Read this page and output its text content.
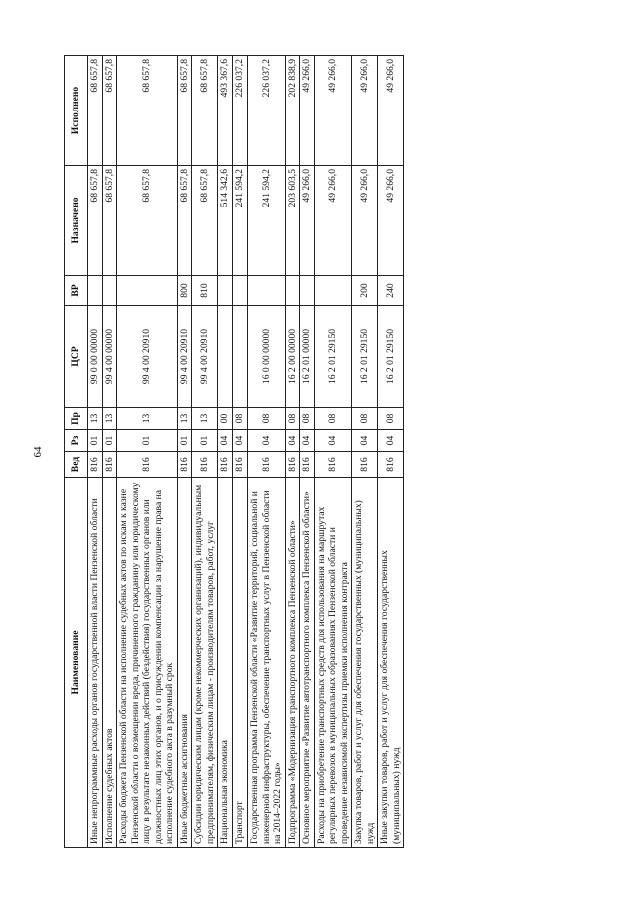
64
Наименование	Вед	Рз	Пр	ЦСР	ВР	Назначено	Исполнено
Иные непрограммные расходы органов государственной власти Пензенской области	816	01	13	99 0 00 00000		68 657,8	68 657,8
Исполнение судебных актов	816	01	13	99 4 00 00000		68 657,8	68 657,8
Расходы бюджета Пензенской области на исполнение судебных актов по искам к казне Пензенской области о возмещении вреда, причиненного гражданину или юридическому лицу в результате незаконных действий (бездействия) государственных органов или должностных лиц этих органов, и о присуждении компенсации за нарушение права на исполнение судебного акта в разумный срок	816	01	13	99 4 00 20910		68 657,8	68 657,8
Иные бюджетные ассигнования	816	01	13	99 4 00 20910	800	68 657,8	68 657,8
Субсидии юридическим лицам (кроме некоммерческих организаций), индивидуальным предпринимателям, физическим лицам - производителям товаров, работ, услуг	816	01	13	99 4 00 20910	810	68 657,8	68 657,8
Национальная экономика	816	04	00			514 342,6	493 367,6
Транспорт	816	04	08			241 594,2	226 037,2
Государственная программа Пензенской области «Развитие территорий, социальной и инженерной инфраструктуры, обеспечение транспортных услуг в Пензенской области на 2014–2022 годы»	816	04	08	16 0 00 00000		241 594,2	226 037,2
Подпрограмма «Модернизация транспортного комплекса Пензенской области»	816	04	08	16 2 00 00000		203 603,5	202 838,9
Основное мероприятие «Развитие автотранспортного комплекса Пензенской области»	816	04	08	16 2 01 00000		49 266,0	49 266,0
Расходы на приобретение транспортных средств для использования на маршрутах регулярных перевозок в муниципальных образованиях Пензенской области и проведение независимой экспертизы приемки исполнения контракта	816	04	08	16 2 01 29150		49 266,0	49 266,0
Закупка товаров, работ и услуг для обеспечения государственных (муниципальных) нужд	816	04	08	16 2 01 29150	200	49 266,0	49 266,0
Иные закупки товаров, работ и услуг для обеспечения государственных (муниципальных) нужд	816	04	08	16 2 01 29150	240	49 266,0	49 266,0
